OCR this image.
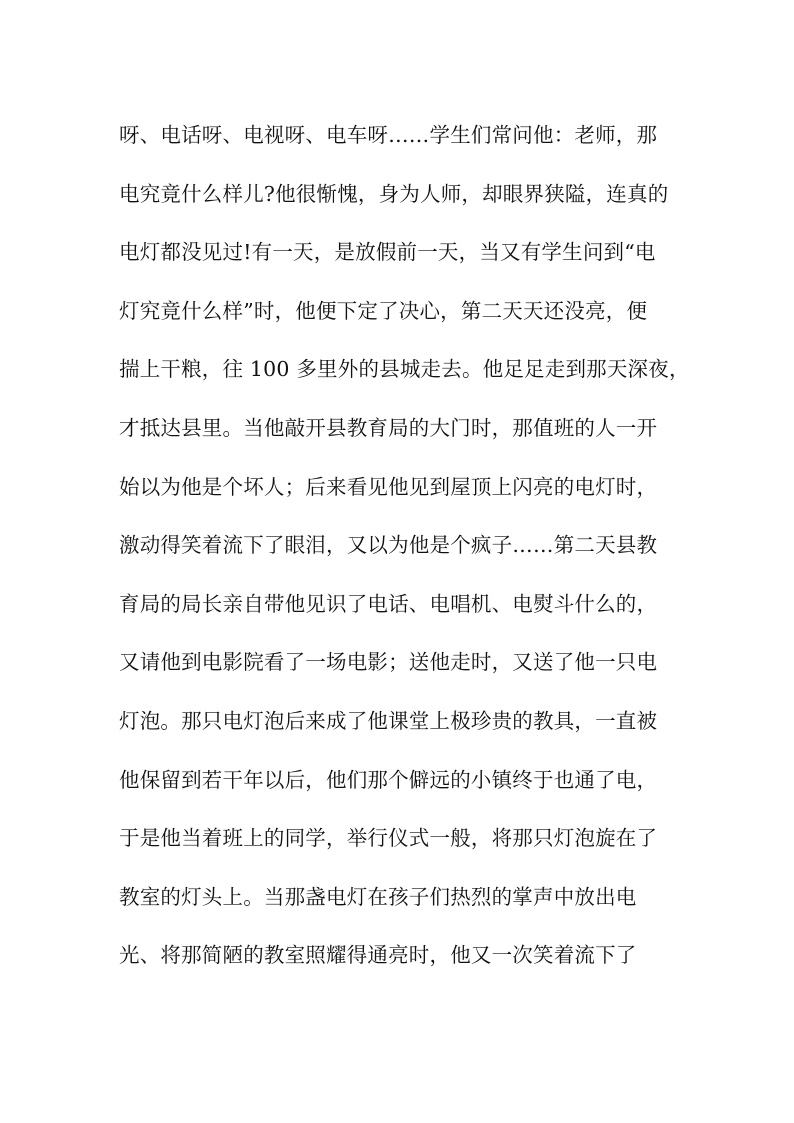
呀、电话呀、电视呀、电车呀……学生们常问他：老师，那
电究竟什么样儿?他很惭愧，身为人师，却眼界狭隘，连真的
电灯都没见过!有一天，是放假前一天，当又有学生问到“电
灯究竟什么样”时，他便下定了决心，第二天天还没亮，便
揣上干粮，往 100 多里外的县城走去。他足足走到那天深夜，
才抵达县里。当他敲开县教育局的大门时，那值班的人一开
始以为他是个坏人；后来看见他见到屋顶上闪亮的电灯时，
激动得笑着流下了眼泪，又以为他是个疯子……第二天县教
育局的局长亲自带他见识了电话、电唱机、电熨斗什么的，
又请他到电影院看了一场电影；送他走时，又送了他一只电
灯泡。那只电灯泡后来成了他课堂上极珍贵的教具，一直被
他保留到若干年以后，他们那个僻远的小镇终于也通了电，
于是他当着班上的同学，举行仪式一般，将那只灯泡旋在了
教室的灯头上。当那盏电灯在孩子们热烈的掌声中放出电
光、将那简陋的教室照耀得通亮时，他又一次笑着流下了
